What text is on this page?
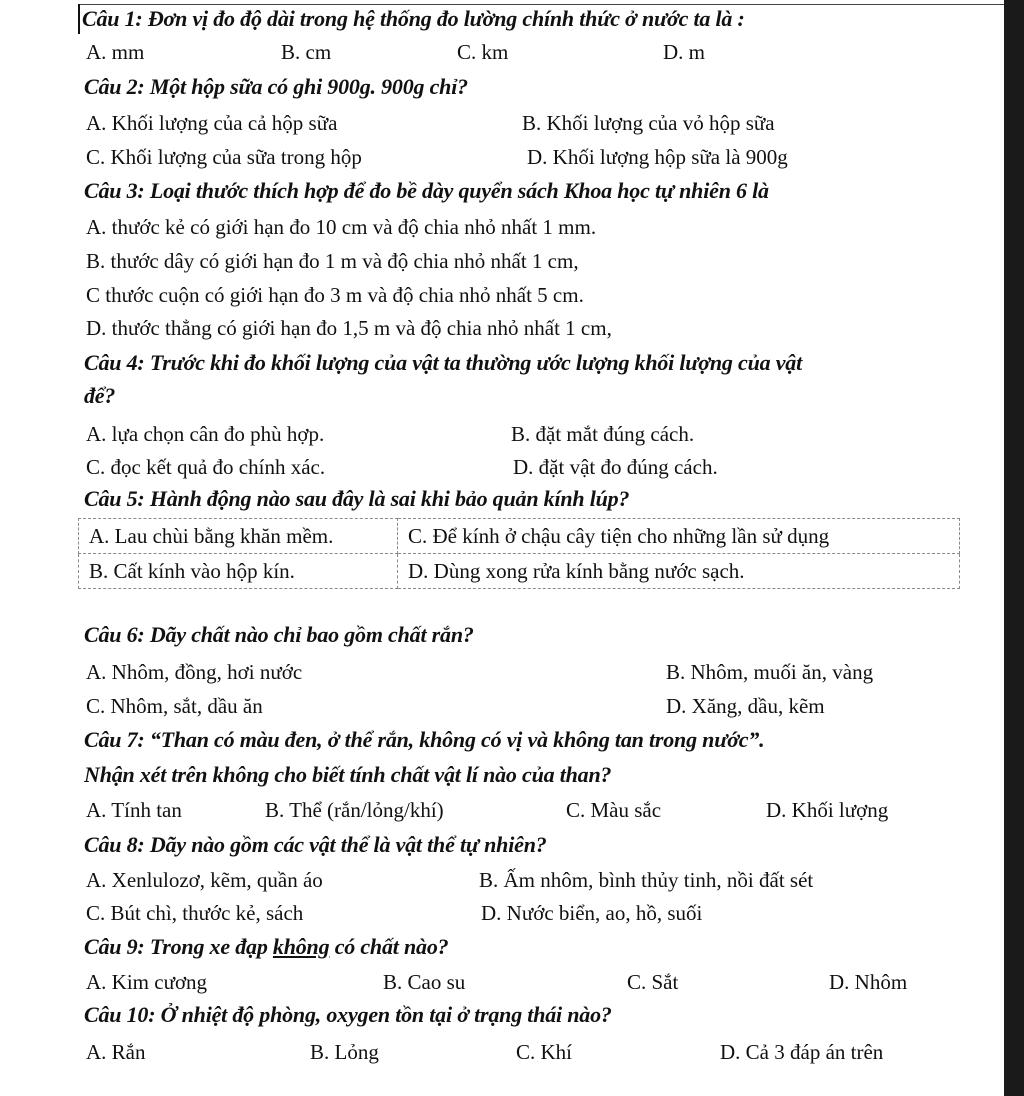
Câu 1: Đơn vị đo độ dài trong hệ thống đo lường chính thức ở nước ta là :
A. mm	B. cm	C. km	D. m
Câu 2: Một hộp sữa có ghi 900g. 900g chỉ?
A. Khối lượng của cả hộp sữa	B. Khối lượng của vỏ hộp sữa
C. Khối lượng của sữa trong hộp	D. Khối lượng hộp sữa là 900g
Câu 3: Loại thước thích hợp để đo bề dày quyển sách Khoa học tự nhiên 6 là
A. thước kẻ có giới hạn đo 10 cm và độ chia nhỏ nhất 1 mm.
B. thước dây có giới hạn đo 1 m và độ chia nhỏ nhất 1 cm,
C thước cuộn có giới hạn đo 3 m và độ chia nhỏ nhất 5 cm.
D. thước thẳng có giới hạn đo 1,5 m và độ chia nhỏ nhất 1 cm,
Câu 4: Trước khi đo khối lượng của vật ta thường ước lượng khối lượng của vật
để?
A. lựa chọn cân đo phù hợp.	B. đặt mắt đúng cách.
C. đọc kết quả đo chính xác.	D. đặt vật đo đúng cách.
Câu 5: Hành động nào sau đây là sai khi bảo quản kính lúp?
A. Lau chùi bằng khăn mềm.	C. Để kính ở chậu cây tiện cho những lần sử dụng
B. Cất kính vào hộp kín.	D. Dùng xong rửa kính bằng nước sạch.
Câu 6: Dãy chất nào chỉ bao gồm chất rắn?
A. Nhôm, đồng, hơi nước	B. Nhôm, muối ăn, vàng
C. Nhôm, sắt, dầu ăn	D. Xăng, dầu, kẽm
Câu 7: “Than có màu đen, ở thể rắn, không có vị và không tan trong nước”.
Nhận xét trên không cho biết tính chất vật lí nào của than?
A. Tính tan	B. Thể (rắn/lỏng/khí)	C. Màu sắc	D. Khối lượng
Câu 8: Dãy nào gồm các vật thể là vật thể tự nhiên?
A. Xenlulozơ, kẽm, quần áo	B. Ấm nhôm, bình thủy tinh, nồi đất sét
C. Bút chì, thước kẻ, sách	D. Nước biển, ao, hồ, suối
Câu 9: Trong xe đạp không có chất nào?
A. Kim cương	B. Cao su	C. Sắt	D. Nhôm
Câu 10: Ở nhiệt độ phòng, oxygen tồn tại ở trạng thái nào?
A. Rắn	B. Lỏng	C. Khí	D. Cả 3 đáp án trên
